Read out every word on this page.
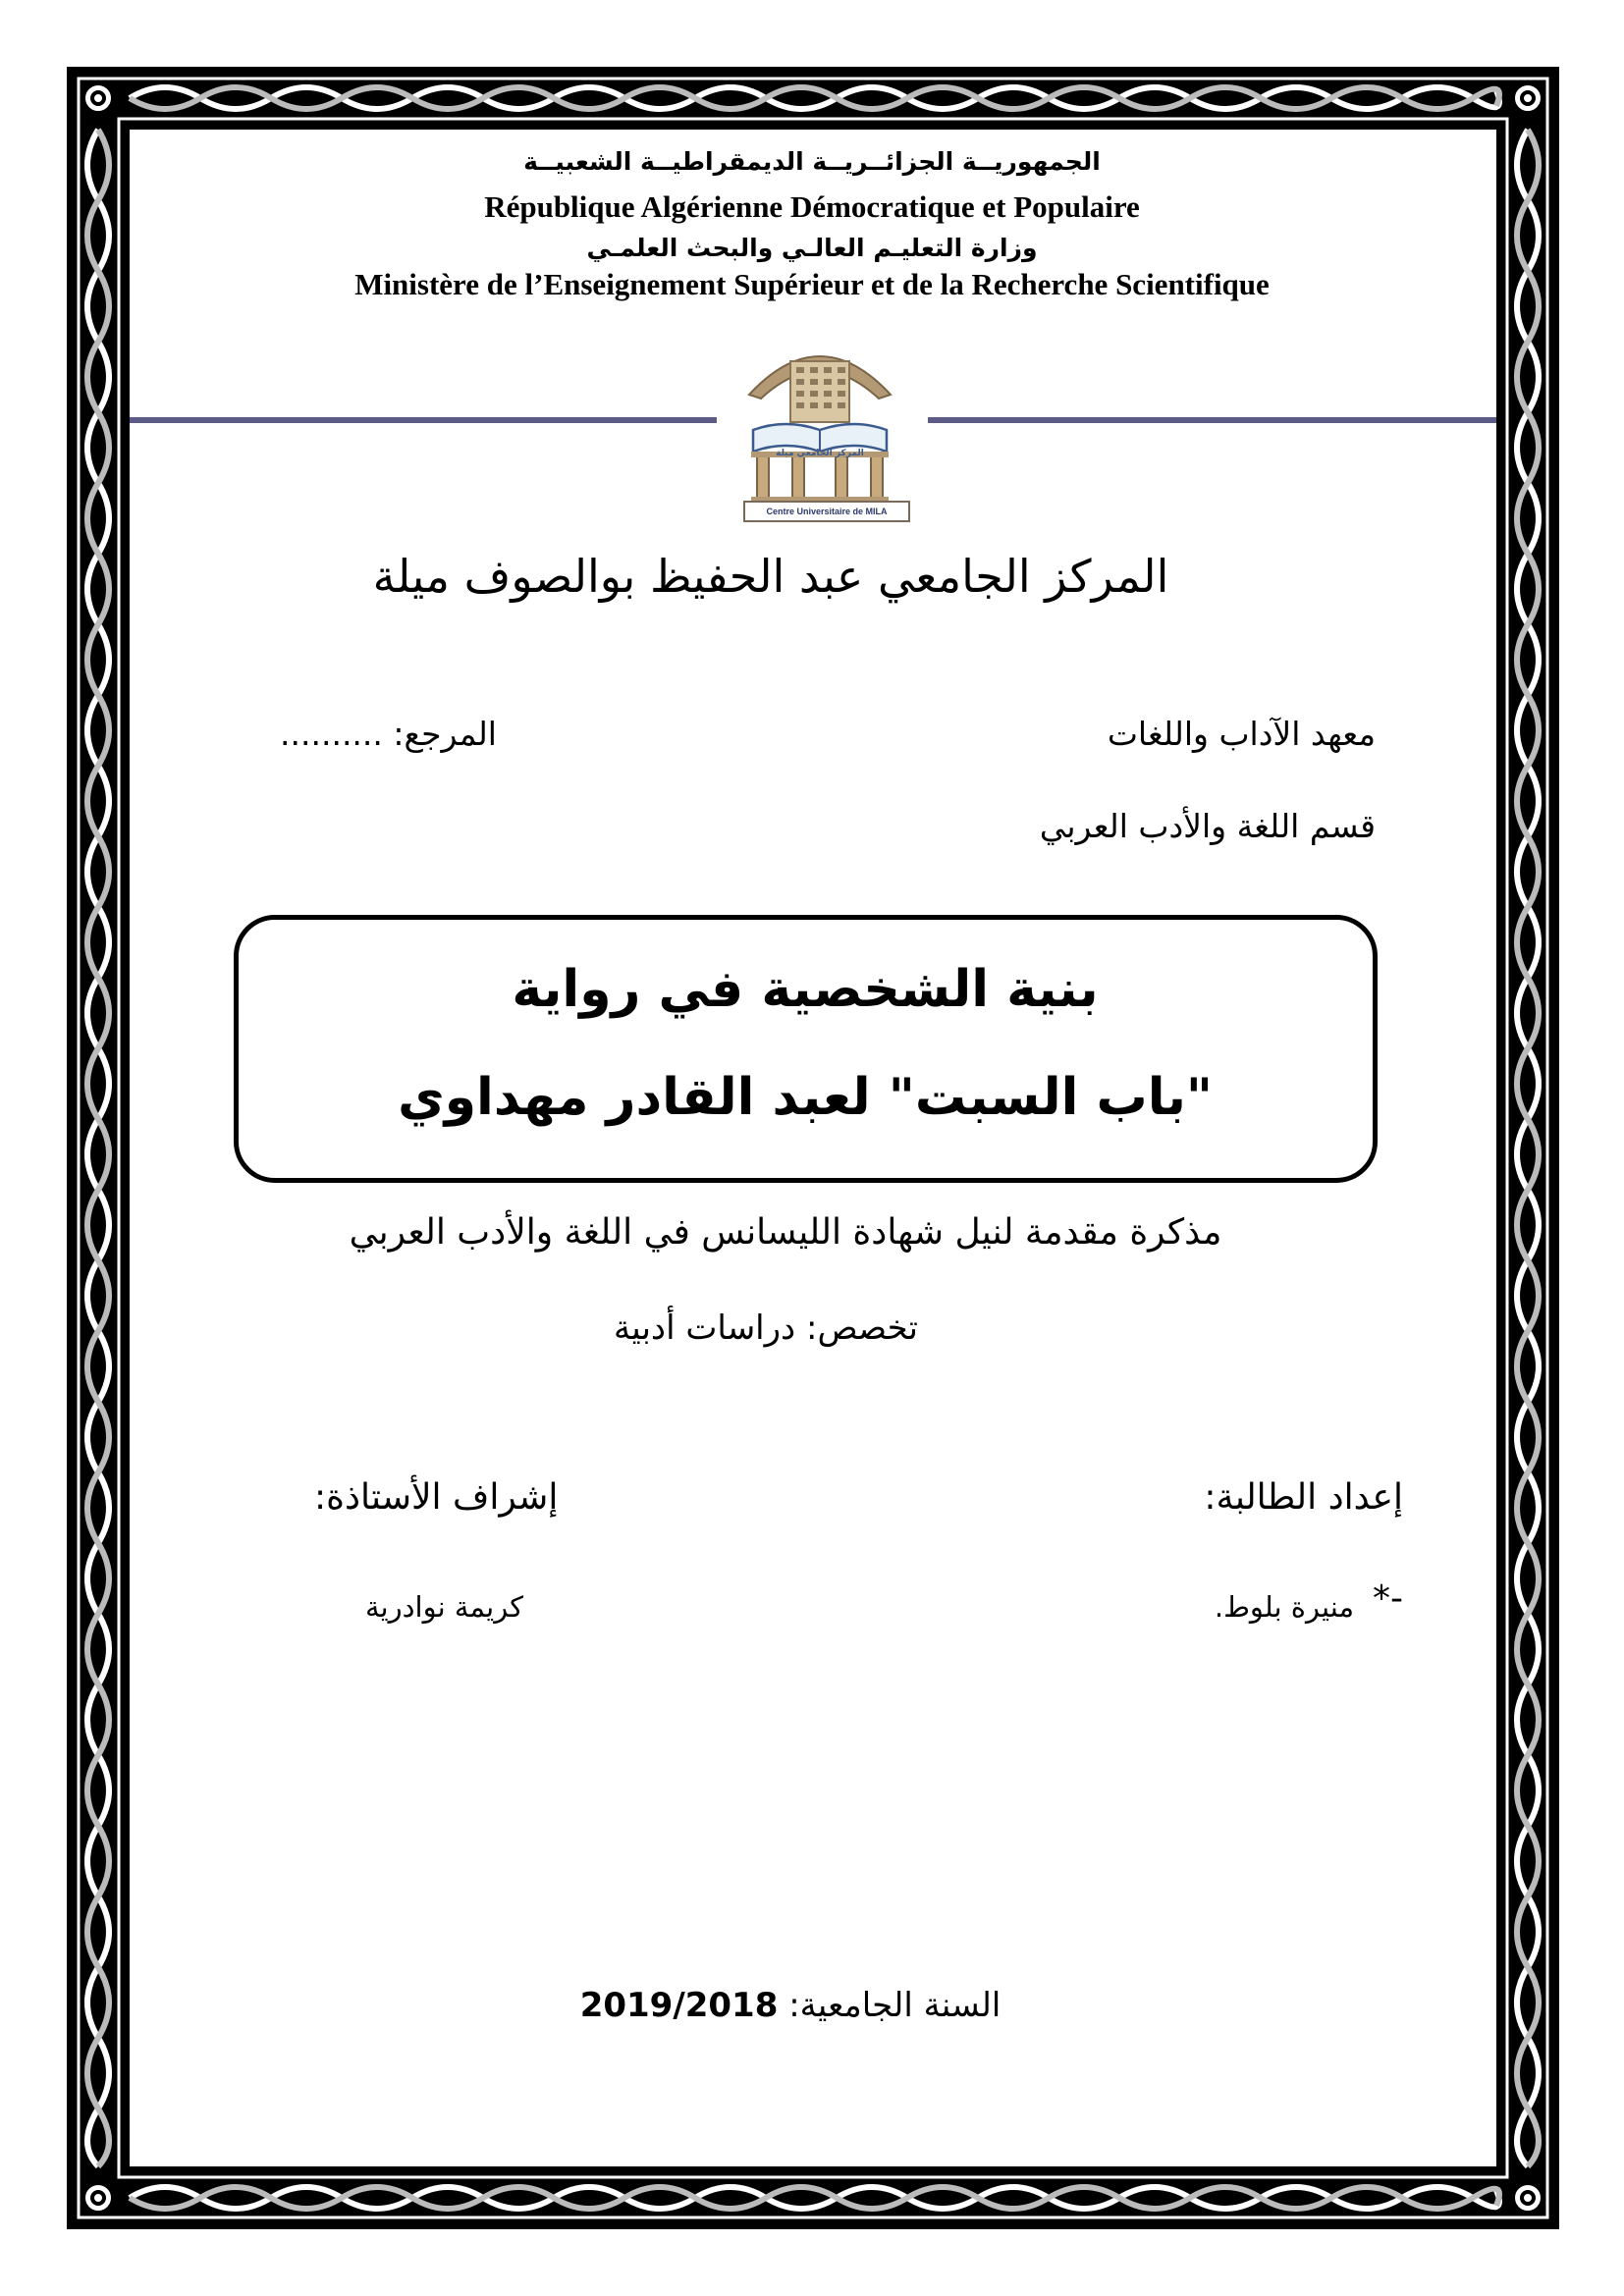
الجمهوريــة الجزائــريــة الديمقراطيــة الشعبيــة
République Algérienne Démocratique et Populaire
وزارة التعليـم العالـي والبحث العلمـي
Ministère de l’Enseignement Supérieur et de la Recherche Scientifique
Centre Universitaire de MILA
المركز الجامعي ميلة
المركز الجامعي عبد الحفيظ بوالصوف ميلة
معهد الآداب واللغات
المرجع: ..........
قسم اللغة والأدب العربي
بنية الشخصية في رواية
"باب السبت" لعبد القادر مهداوي
مذكرة مقدمة لنيل شهادة الليسانس في اللغة والأدب العربي
تخصص: دراسات أدبية
إعداد الطالبة:
إشراف الأستاذة:
*-
منيرة بلوط.
كريمة نوادرية
السنة الجامعية: 2019/2018
